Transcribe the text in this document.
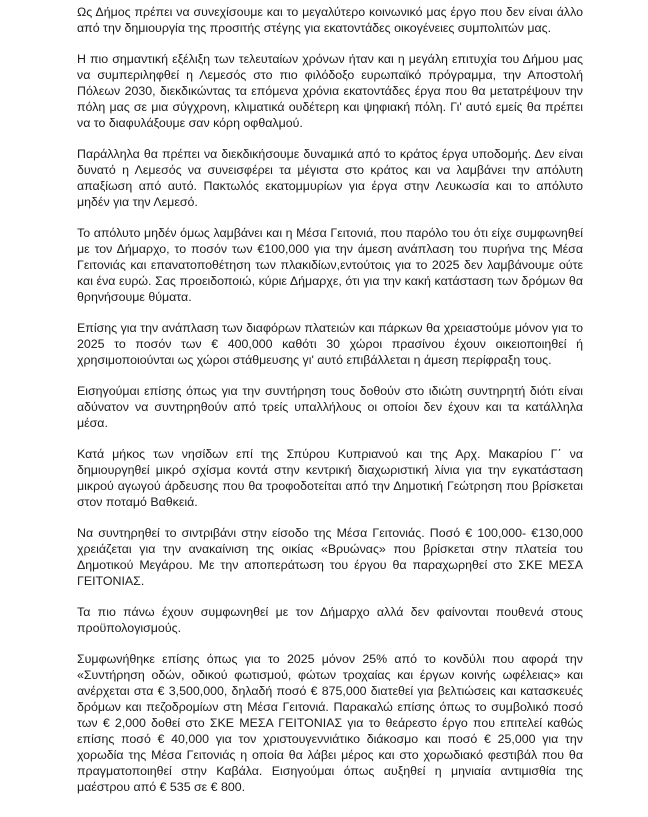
Ως Δήμος πρέπει να συνεχίσουμε και το μεγαλύτερο κοινωνικό μας έργο που δεν είναι άλλο από την δημιουργία της προσιτής στέγης για εκατοντάδες οικογένειες συμπολιτών μας.

Η πιο σημαντική εξέλιξη των τελευταίων χρόνων ήταν και η μεγάλη επιτυχία του Δήμου μας να συμπεριληφθεί η Λεμεσός στο πιο φιλόδοξο ευρωπαϊκό πρόγραμμα, την Αποστολή Πόλεων 2030, διεκδικώντας τα επόμενα χρόνια εκατοντάδες έργα που θα μετατρέψουν την πόλη μας σε μια σύγχρονη, κλιματικά ουδέτερη και ψηφιακή πόλη. Γι' αυτό εμείς θα πρέπει να το διαφυλάξουμε σαν κόρη οφθαλμού.

Παράλληλα θα πρέπει να διεκδικήσουμε δυναμικά από το κράτος έργα υποδομής. Δεν είναι δυνατό η Λεμεσός να συνεισφέρει τα μέγιστα στο κράτος και να λαμβάνει την απόλυτη απαξίωση από αυτό. Πακτωλός εκατομμυρίων για έργα στην Λευκωσία και το απόλυτο μηδέν για την Λεμεσό.

Το απόλυτο μηδέν όμως λαμβάνει και η Μέσα Γειτονιά, που παρόλο του ότι είχε συμφωνηθεί με τον Δήμαρχο, το ποσόν των €100,000 για την άμεση ανάπλαση του πυρήνα της Μέσα Γειτονιάς και επανατοποθέτηση των πλακιδίων,εντούτοις για το 2025 δεν λαμβάνουμε ούτε και ένα ευρώ. Σας προειδοποιώ, κύριε Δήμαρχε, ότι για την κακή κατάσταση των δρόμων θα θρηνήσουμε θύματα.

Επίσης για την ανάπλαση των διαφόρων πλατειών και πάρκων θα χρειαστούμε μόνον για το 2025 το ποσόν των € 400,000 καθότι 30 χώροι πρασίνου έχουν οικειοποιηθεί ή χρησιμοποιούνται ως χώροι στάθμευσης γι' αυτό επιβάλλεται η άμεση περίφραξη τους.

Εισηγούμαι επίσης όπως για την συντήρηση τους δοθούν στο ιδιώτη συντηρητή διότι είναι αδύνατον να συντηρηθούν από τρείς υπαλλήλους οι οποίοι δεν έχουν και τα κατάλληλα μέσα.

Κατά μήκος των νησίδων επί της Σπύρου Κυπριανού και της Αρχ. Μακαρίου Γ΄ να δημιουργηθεί μικρό σχίσμα κοντά στην κεντρική διαχωριστική λίνια για την εγκατάσταση μικρού αγωγού άρδευσης που θα τροφοδοτείται από την Δημοτική Γεώτρηση που βρίσκεται στον ποταμό Βαθκειά.

Να συντηρηθεί το σιντριβάνι στην είσοδο της Μέσα Γειτονιάς. Ποσό € 100,000- €130,000 χρειάζεται για την ανακαίνιση της οικίας «Βρυώνας» που βρίσκεται στην πλατεία του Δημοτικού Μεγάρου. Με την αποπεράτωση του έργου θα παραχωρηθεί στο ΣΚΕ ΜΕΣΑ ΓΕΙΤΟΝΙΑΣ.

Τα πιο πάνω έχουν συμφωνηθεί με τον Δήμαρχο αλλά δεν φαίνονται πουθενά στους προϋπολογισμούς.

Συμφωνήθηκε επίσης όπως για το 2025 μόνον 25% από το κονδύλι που αφορά την «Συντήρηση οδών, οδικού φωτισμού, φώτων τροχαίας και έργων κοινής ωφέλειας» και ανέρχεται στα € 3,500,000, δηλαδή ποσό € 875,000 διατεθεί για βελτιώσεις και κατασκευές δρόμων και πεζοδρομίων στη Μέσα Γειτονιά. Παρακαλώ επίσης όπως το συμβολικό ποσό των € 2,000 δοθεί στο ΣΚΕ ΜΕΣΑ ΓΕΙΤΟΝΙΑΣ για το θεάρεστο έργο που επιτελεί καθώς επίσης ποσό € 40,000 για τον χριστουγεννιάτικο διάκοσμο και ποσό € 25,000 για την χορωδία της Μέσα Γειτονιάς η οποία θα λάβει μέρος και στο χορωδιακό φεστιβάλ που θα πραγματοποιηθεί στην Καβάλα. Εισηγούμαι όπως αυξηθεί η μηνιαία αντιμισθία της μαέστρου από € 535 σε € 800.
